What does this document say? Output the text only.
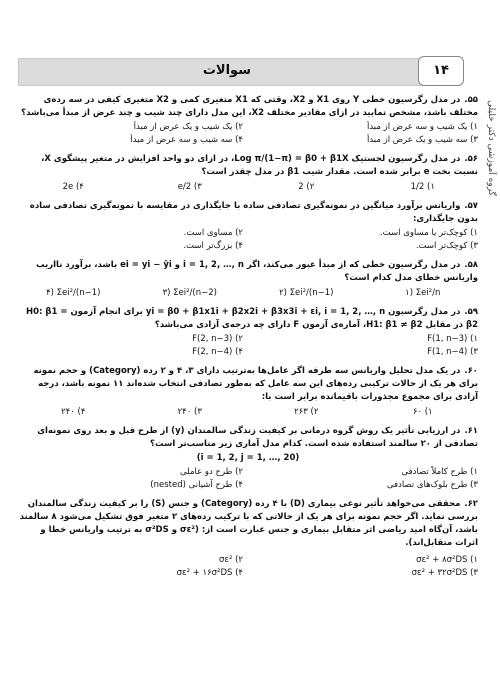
سوالات	۱۴
گروه آموزشی دکتر خلیلی
۵۵.در مدل رگرسیون خطی Y روی X1 و X2، وقتی که X1 متغیری کمی و X2 متغیری کیفی در سه رده‌ی مختلف باشد، مشخص نمایید در ازای مقادیر مختلف X2، این مدل دارای چند شیب و چند عرض از مبدأ می‌باشد؟
۱) یک شیب و سه عرض از مبدأ
۲) یک شیب و یک عرض از مبدأ
۳) سه شیب و یک عرض از مبدأ
۴) سه شیب و سه عرض از مبدأ
۵۶.در مدل رگرسیون لجستیک Log π/(1−π) = β0 + β1X، در ازای دو واحد افزایش در متغیر پیشگوی X، نسبت بخت e برابر شده است. مقدار شیب β1 در مدل چقدر است؟
۱) 1/2
۲) 2
۳) e/2
۴) 2e
۵۷.واریانس برآورد میانگین در نمونه‌گیری تصادفی ساده با جایگذاری در مقایسه با نمونه‌گیری تصادفی ساده بدون جایگذاری:
۱) کوچک‌تر یا مساوی است.
۲) مساوی است.
۳) کوچک‌تر است.
۴) بزرگ‌تر است.
۵۸.در مدل رگرسیون خطی که از مبدأ عبور می‌کند، اگر i = 1, 2, …, n و ei = yi − ŷi باشد، برآورد نااریب واریانس خطای مدل کدام است؟
۴) Σei²/(n−1)	۳) Σei²/(n−2)	۲) Σei²/(n−1)	۱) Σei²/n
۵۹.در مدل رگرسیون yi = β0 + β1x1i + β2x2i + β3x3i + εi, i = 1, 2, …, n برای انجام آزمون H0: β1 = β2 در مقابل H1: β1 ≠ β2، آماره‌ی آزمون F دارای چه درجه‌ی آزادی می‌باشد؟
۱) F(1, n−3)
۲) F(2, n−3)
۳) F(1, n−4)
۴) F(2, n−4)
۶۰.در یک مدل تحلیل واریانس سه طرفه اگر عامل‌ها به‌ترتیب دارای ۳، ۴ و ۲ رده (Category) و حجم نمونه برای هر یک از حالات ترکیبی رده‌های این سه عامل که به‌طور تصادفی انتخاب شده‌اند ۱۱ نمونه باشد، درجه آزادی برای مجموع مجذورات باقیمانده برابر است با:
۱) ۶۰
۲) ۲۶۳
۳) ۲۴۰
۴) ۲۴۰
۶۱.در ارزیابی تأثیر یک روش گروه درمانی بر کیفیت زندگی سالمندان (y) از طرح قبل و بعد روی نمونه‌ای تصادفی از ۲۰ سالمند استفاده شده است. کدام مدل آماری زیر مناسب‌تر است؟
(i = 1, 2, j = 1, …, 20)
۱) طرح کاملاً تصادفی
۲) طرح دو عاملی
۳) طرح بلوک‌های تصادفی
۴) طرح آشیانی (nested)
۶۲.محققی می‌خواهد تأثیر نوعی بیماری (D) با ۴ رده (Category) و جنس (S) را بر کیفیت زندگی سالمندان بررسی نماید. اگر حجم نمونه برای هر یک از حالاتی که با ترکیب رده‌های ۲ متغیر فوق تشکیل می‌شود ۸ سالمند باشد، آن‌گاه امید ریاضی اثر متقابل بیماری و جنس عبارت است از: (σε² و σ²DS به ترتیب واریانس خطا و اثرات متقابل‌اند).
۱) σε² + ۸σ²DS
۲) σε²
۳) σε² + ۳۲σ²DS
۴) σε² + ۱۶σ²DS
